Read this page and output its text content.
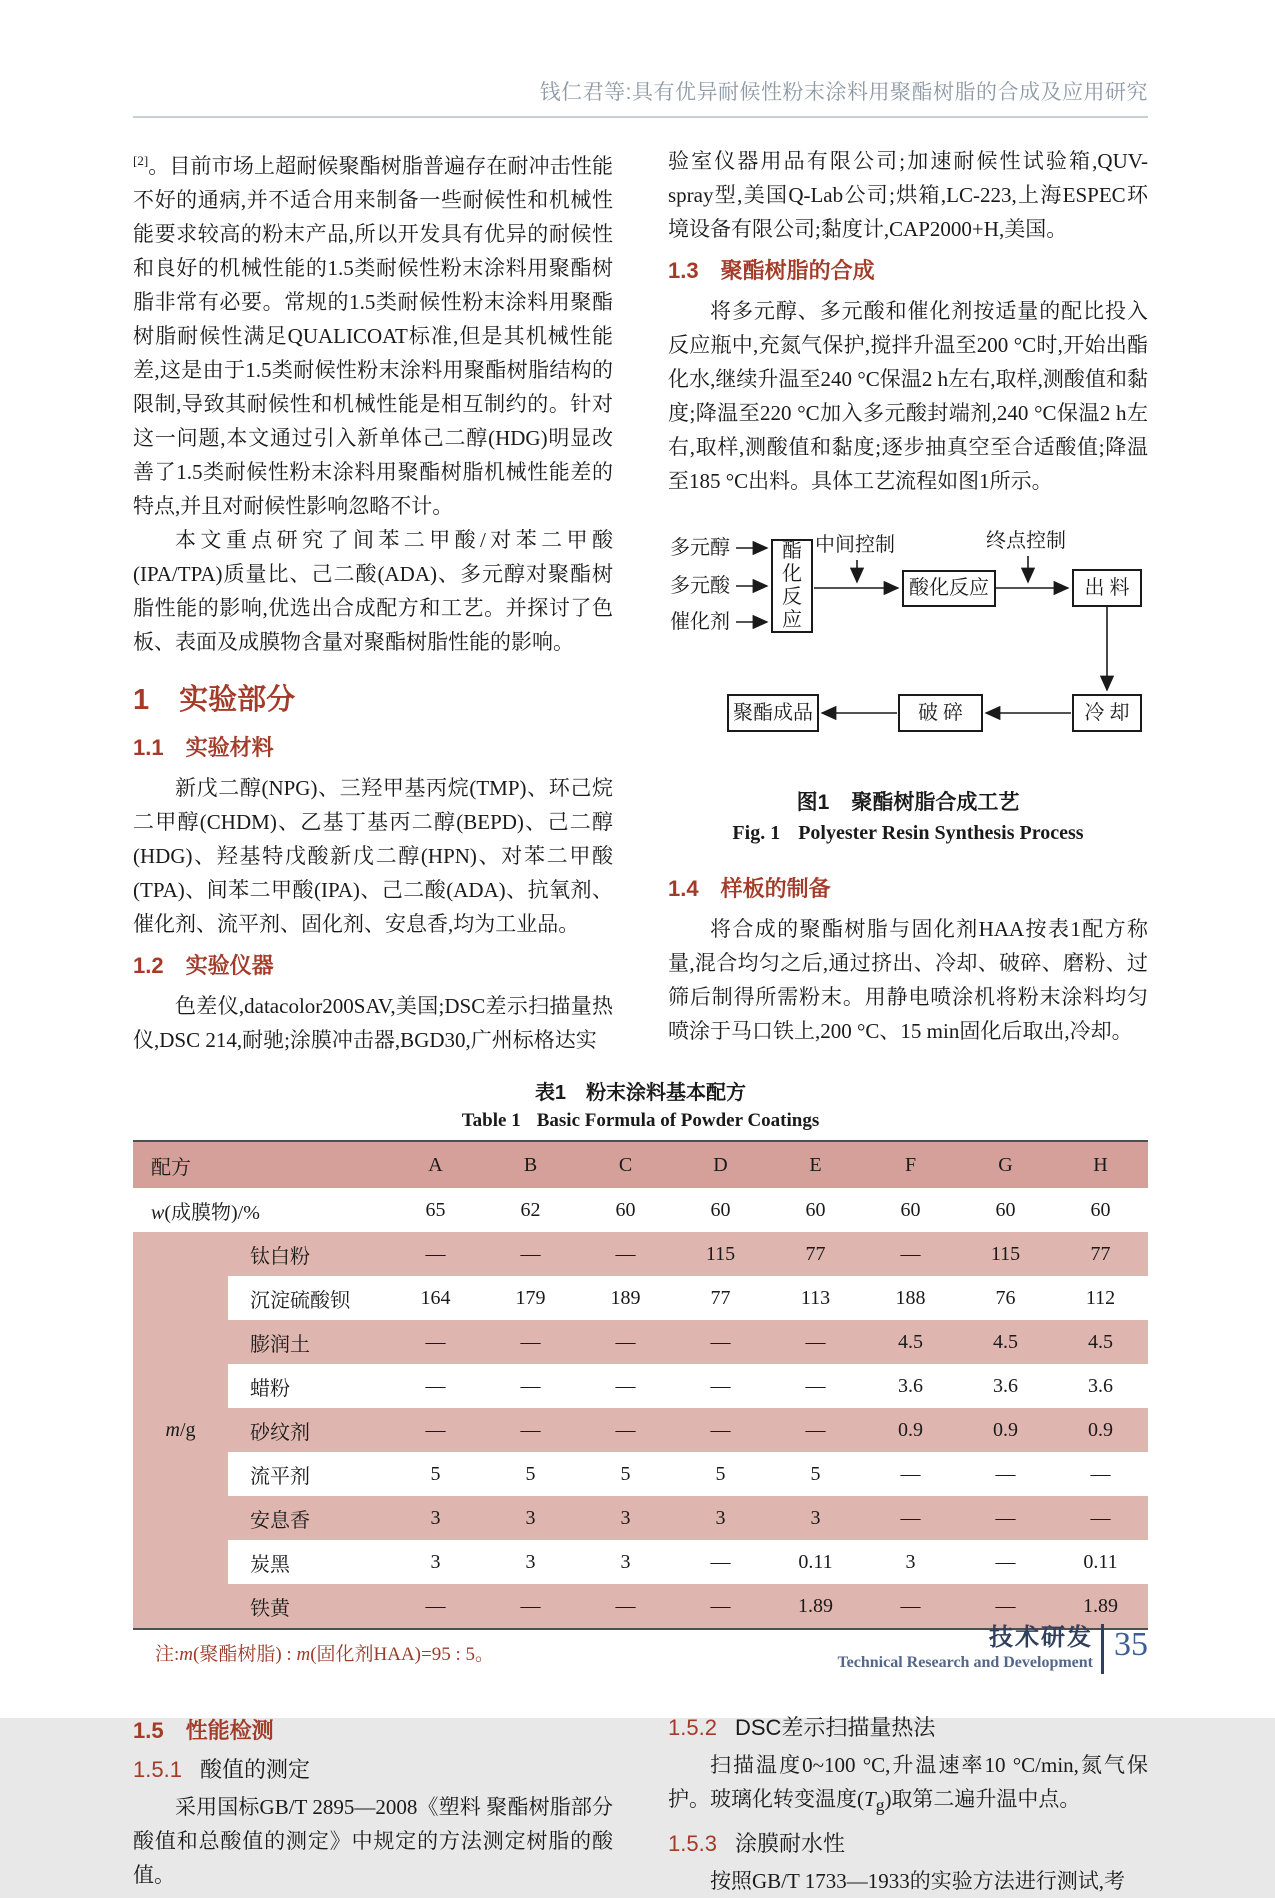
钱仁君等:具有优异耐候性粉末涂料用聚酯树脂的合成及应用研究

[2]。目前市场上超耐候聚酯树脂普遍存在耐冲击性能不好的通病,并不适合用来制备一些耐候性和机械性能要求较高的粉末产品,所以开发具有优异的耐候性和良好的机械性能的1.5类耐候性粉末涂料用聚酯树脂非常有必要。常规的1.5类耐候性粉末涂料用聚酯树脂耐候性满足QUALICOAT标准,但是其机械性能差,这是由于1.5类耐候性粉末涂料用聚酯树脂结构的限制,导致其耐候性和机械性能是相互制约的。针对这一问题,本文通过引入新单体己二醇(HDG)明显改善了1.5类耐候性粉末涂料用聚酯树脂机械性能差的特点,并且对耐候性影响忽略不计。

本文重点研究了间苯二甲酸/对苯二甲酸(IPA/TPA)质量比、己二酸(ADA)、多元醇对聚酯树脂性能的影响,优选出合成配方和工艺。并探讨了色板、表面及成膜物含量对聚酯树脂性能的影响。

1 实验部分
1.1 实验材料

新戊二醇(NPG)、三羟甲基丙烷(TMP)、环己烷二甲醇(CHDM)、乙基丁基丙二醇(BEPD)、己二醇(HDG)、羟基特戊酸新戊二醇(HPN)、对苯二甲酸(TPA)、间苯二甲酸(IPA)、己二酸(ADA)、抗氧剂、催化剂、流平剂、固化剂、安息香,均为工业品。

1.2 实验仪器

色差仪,datacolor200SAV,美国;DSC差示扫描量热仪,DSC 214,耐驰;涂膜冲击器,BGD30,广州标格达实

验室仪器用品有限公司;加速耐候性试验箱,QUV-spray型,美国Q-Lab公司;烘箱,LC-223,上海ESPEC环境设备有限公司;黏度计,CAP2000+H,美国。

1.3 聚酯树脂的合成

将多元醇、多元酸和催化剂按适量的配比投入反应瓶中,充氮气保护,搅拌升温至200 °C时,开始出酯化水,继续升温至240 °C保温2 h左右,取样,测酸值和黏度;降温至220 °C加入多元酸封端剂,240 °C保温2 h左右,取样,测酸值和黏度;逐步抽真空至合适酸值;降温至185 °C出料。具体工艺流程如图1所示。

多元醇
多元酸
催化剂
酯化反应
中间控制	终点控制
酸化反应	出 料
冷 却
破 碎
聚酯成品
图1 聚酯树脂合成工艺
Fig. 1 Polyester Resin Synthesis Process
1.4 样板的制备

将合成的聚酯树脂与固化剂HAA按表1配方称量,混合均匀之后,通过挤出、冷却、破碎、磨粉、过筛后制得所需粉末。用静电喷涂机将粉末涂料均匀喷涂于马口铁上,200 °C、15 min固化后取出,冷却。

表1 粉末涂料基本配方
Table 1 Basic Formula of Powder Coatings
配方		A	B	C	D	E	F	G	H
w(成膜物)/%		65	62	60	60	60	60	60	60
m/g	钛白粉	—	—	—	115	77	—	115	77
	沉淀硫酸钡	164	179	189	77	113	188	76	112
	膨润土	—	—	—	—	—	4.5	4.5	4.5
	蜡粉	—	—	—	—	—	3.6	3.6	3.6
	砂纹剂	—	—	—	—	—	0.9	0.9	0.9
	流平剂	5	5	5	5	5	—	—	—
	安息香	3	3	3	3	3	—	—	—
	炭黑	3	3	3	—	0.11	3	—	0.11
	铁黄	—	—	—	—	1.89	—	—	1.89
注:m(聚酯树脂) : m(固化剂HAA)=95 : 5。
1.5 性能检测
1.5.1 酸值的测定

采用国标GB/T 2895—2008《塑料 聚酯树脂部分酸值和总酸值的测定》中规定的方法测定树脂的酸值。

1.5.2 DSC差示扫描量热法

扫描温度0~100 °C,升温速率10 °C/min,氮气保护。玻璃化转变温度$(T_g)$取第二遍升温中点。

1.5.3 涂膜耐水性

按照GB/T 1733—1933的实验方法进行测试,考

技术研发
Technical Research and Development 35
